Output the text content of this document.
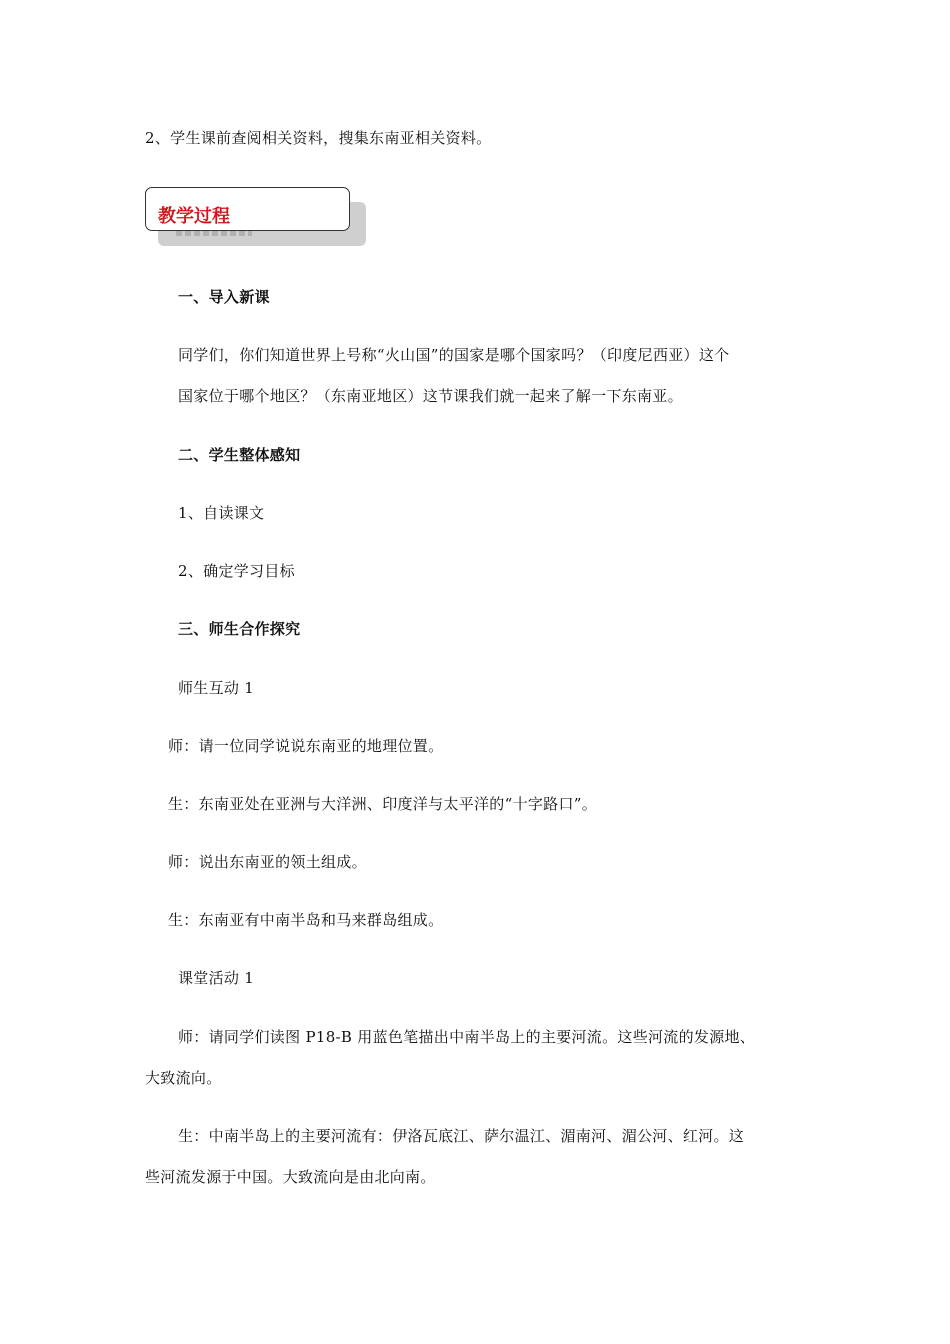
2、学生课前查阅相关资料，搜集东南亚相关资料。
教学过程
一、导入新课
同学们，你们知道世界上号称“火山国”的国家是哪个国家吗？（印度尼西亚）这个
国家位于哪个地区？（东南亚地区）这节课我们就一起来了解一下东南亚。
二、学生整体感知
1、自读课文
2、确定学习目标
三、师生合作探究
师生互动 1
师：请一位同学说说东南亚的地理位置。
生：东南亚处在亚洲与大洋洲、印度洋与太平洋的“十字路口”。
师：说出东南亚的领土组成。
生：东南亚有中南半岛和马来群岛组成。
课堂活动 1
师：请同学们读图 P18-B 用蓝色笔描出中南半岛上的主要河流。这些河流的发源地、
大致流向。
生：中南半岛上的主要河流有：伊洛瓦底江、萨尔温江、湄南河、湄公河、红河。这
些河流发源于中国。大致流向是由北向南。
